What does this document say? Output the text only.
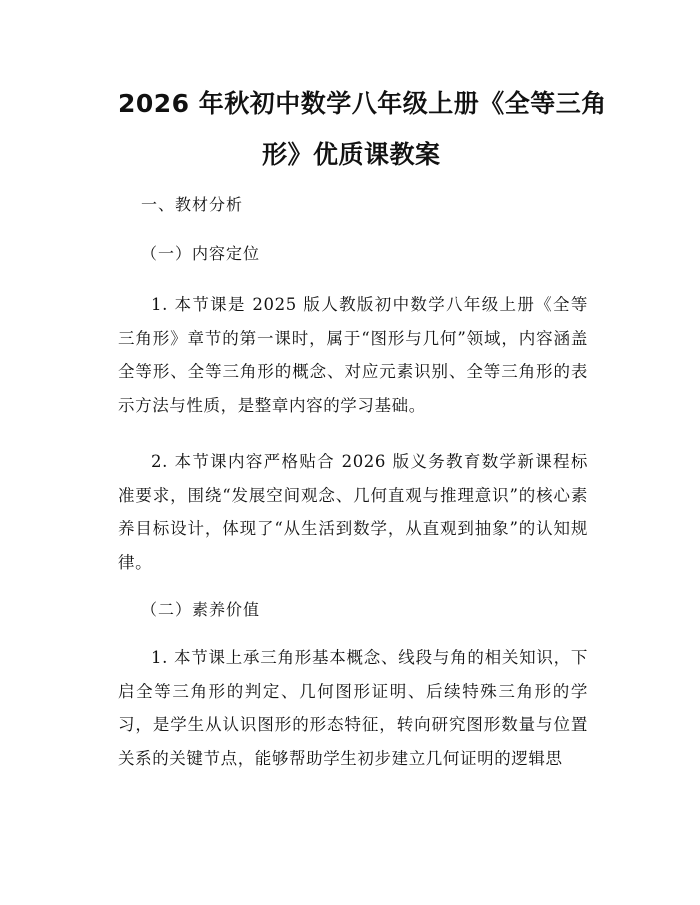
2026 年秋初中数学八年级上册《全等三角
形》优质课教案
一、教材分析
（一）内容定位
1. 本节课是 2025 版人教版初中数学八年级上册《全等三角形》章节的第一课时，属于“图形与几何”领域，内容涵盖全等形、全等三角形的概念、对应元素识别、全等三角形的表示方法与性质，是整章内容的学习基础。
2. 本节课内容严格贴合 2026 版义务教育数学新课程标准要求，围绕“发展空间观念、几何直观与推理意识”的核心素养目标设计，体现了“从生活到数学，从直观到抽象”的认知规律。
（二）素养价值
1. 本节课上承三角形基本概念、线段与角的相关知识，下启全等三角形的判定、几何图形证明、后续特殊三角形的学习，是学生从认识图形的形态特征，转向研究图形数量与位置关系的关键节点，能够帮助学生初步建立几何证明的逻辑思
